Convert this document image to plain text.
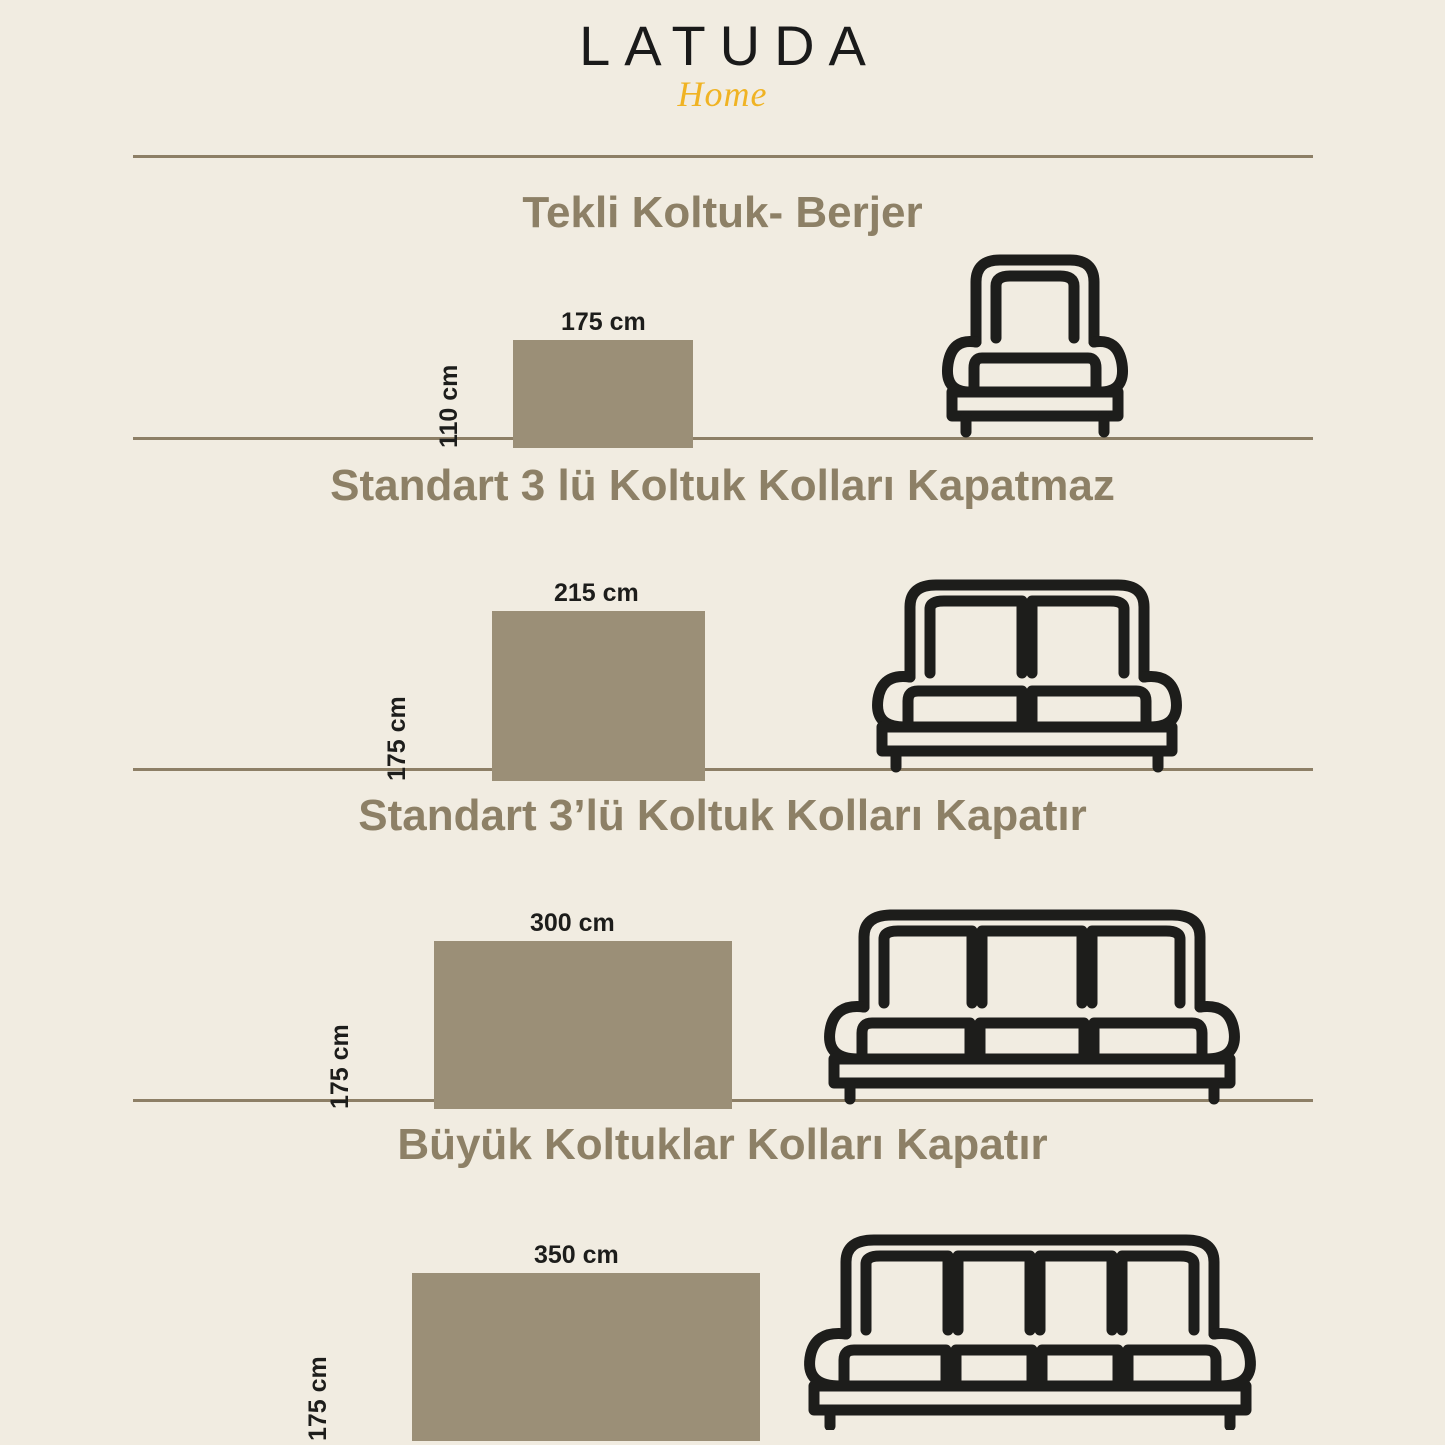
LATUDA
Home
Tekli Koltuk- Berjer
175 cm
110 cm
Standart 3 lü Koltuk Kolları Kapatmaz
215 cm
175 cm
Standart 3’lü Koltuk Kolları Kapatır
300 cm
175 cm
Büyük Koltuklar Kolları Kapatır
350 cm
175 cm
